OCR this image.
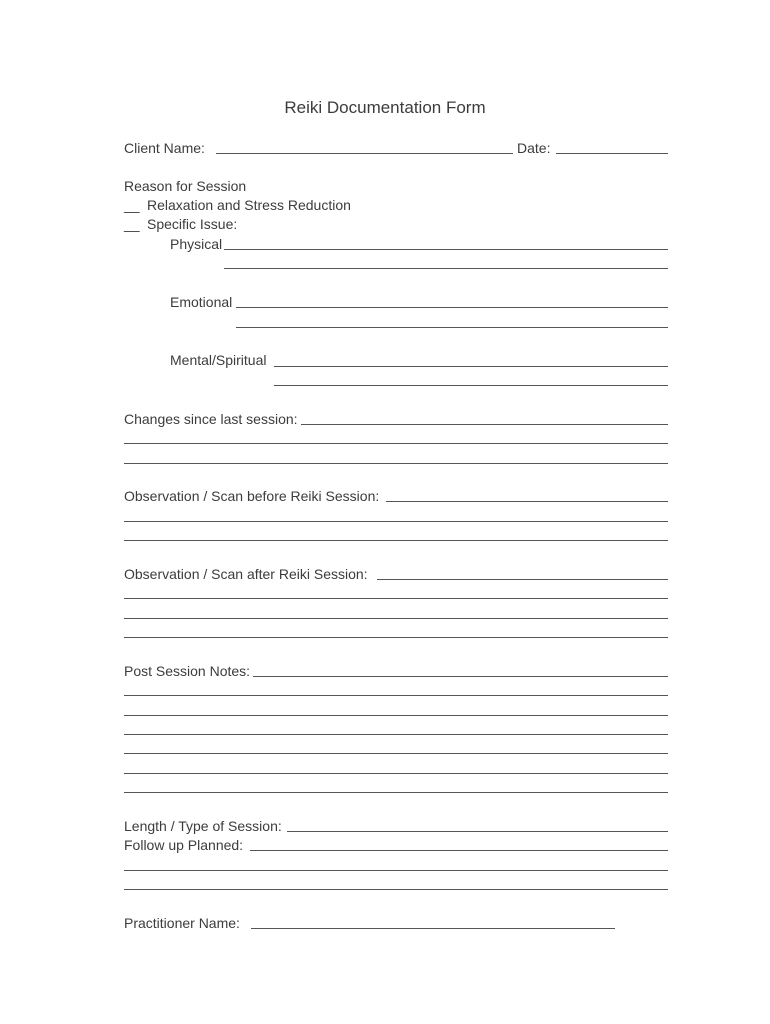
Reiki Documentation Form
Client Name:	Date:
Reason for Session
__ Relaxation and Stress Reduction
__ Specific Issue:
Physical
Emotional
Mental/Spiritual
Changes since last session:
Observation / Scan before Reiki Session:
Observation / Scan after Reiki Session:
Post Session Notes:
Length / Type of Session:
Follow up Planned:
Practitioner Name:
